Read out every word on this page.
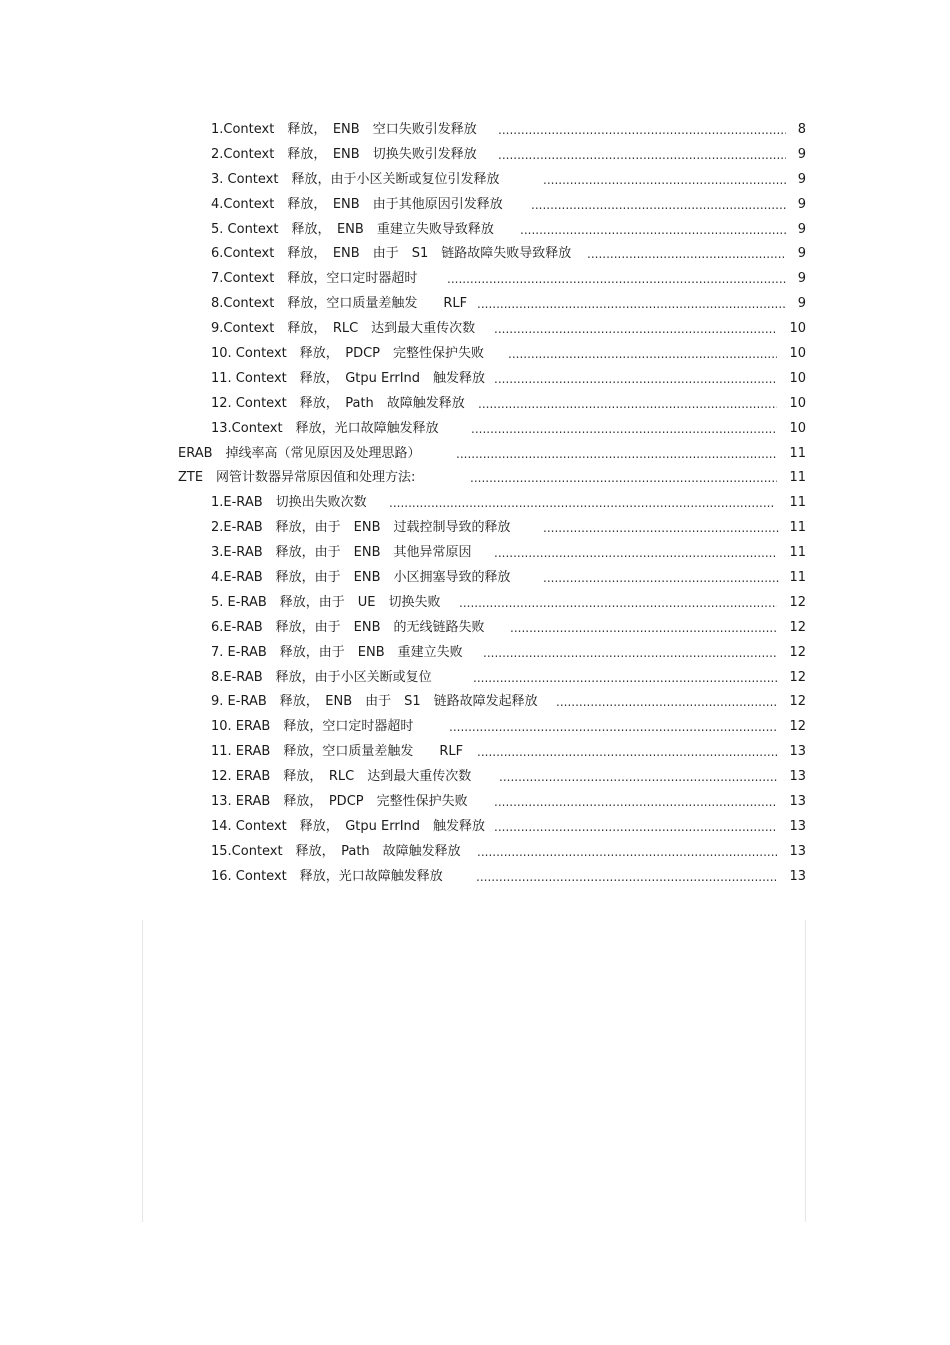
.....
1.Context　释放，　ENB　空口失败引发释放	8
.....
2.Context　释放，　ENB　切换失败引发释放	9
.....
3. Context　释放，由于小区关断或复位引发释放	9
.....
4.Context　释放，　ENB　由于其他原因引发释放	9
.....
5. Context　释放，　ENB　重建立失败导致释放	9
.....
6.Context　释放，　ENB　由于　S1　链路故障失败导致释放	9
.....
7.Context　释放，空口定时器超时	9
.....
8.Context　释放，空口质量差触发　　RLF	9
.....
9.Context　释放，　RLC　达到最大重传次数	10
.....
10. Context　释放，　PDCP　完整性保护失败	10
.....
11. Context　释放，　Gtpu ErrInd　触发释放	10
.....
12. Context　释放，　Path　故障触发释放	10
.....
13.Context　释放，光口故障触发释放	10
.....
ERAB　掉线率高（常见原因及处理思路）	11
.....
ZTE　网管计数器异常原因值和处理方法:	11
.....
1.E-RAB　切换出失败次数	11
.....
2.E-RAB　释放，由于　ENB　过载控制导致的释放	11
.....
3.E-RAB　释放，由于　ENB　其他异常原因	11
.....
4.E-RAB　释放，由于　ENB　小区拥塞导致的释放	11
.....
5. E-RAB　释放，由于　UE　切换失败	12
.....
6.E-RAB　释放，由于　ENB　的无线链路失败	12
.....
7. E-RAB　释放，由于　ENB　重建立失败	12
.....
8.E-RAB　释放，由于小区关断或复位	12
.....
9. E-RAB　释放，　ENB　由于　S1　链路故障发起释放	12
.....
10. ERAB　释放，空口定时器超时	12
.....
11. ERAB　释放，空口质量差触发　　RLF	13
.....
12. ERAB　释放，　RLC　达到最大重传次数	13
.....
13. ERAB　释放，　PDCP　完整性保护失败	13
.....
14. Context　释放，　Gtpu ErrInd　触发释放	13
.....
15.Context　释放，　Path　故障触发释放	13
.....
16. Context　释放，光口故障触发释放	13
